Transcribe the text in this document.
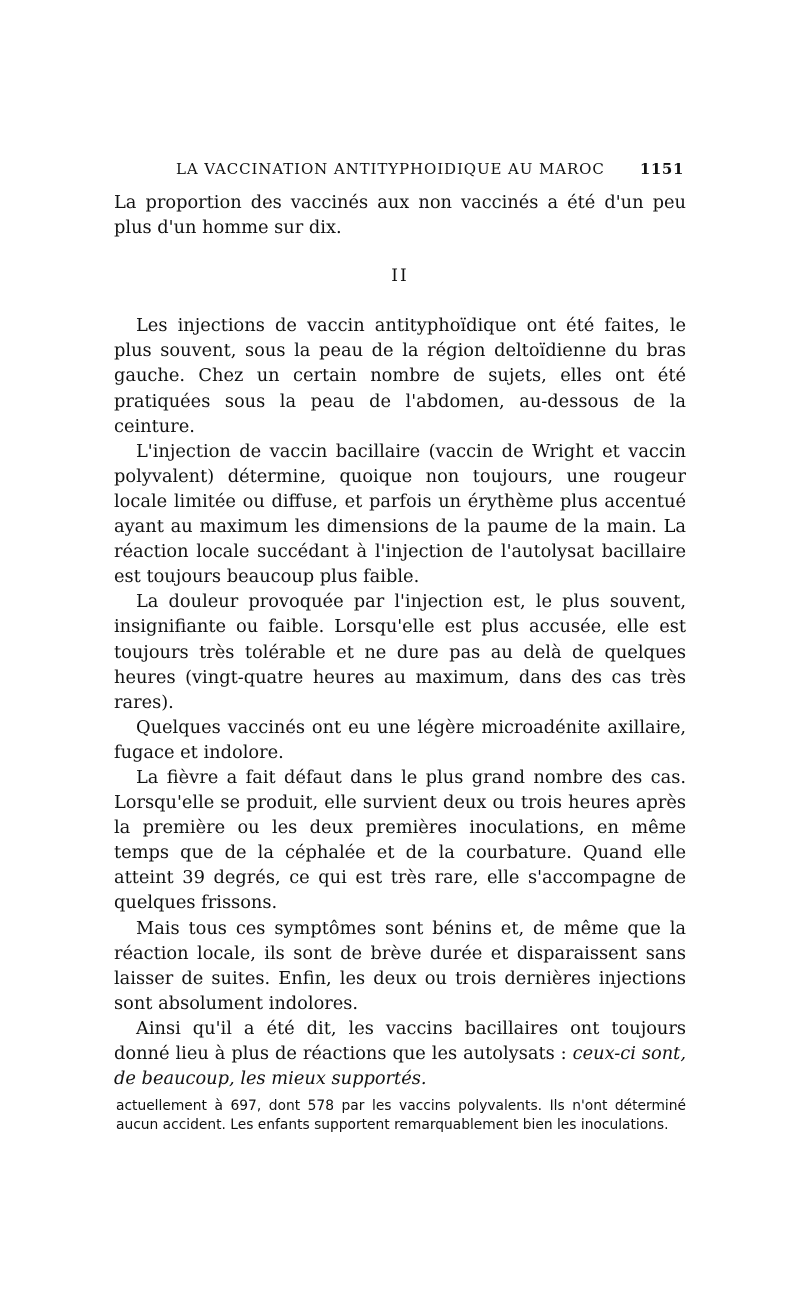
LA VACCINATION ANTITYPHOIDIQUE AU MAROC 1151

La proportion des vaccinés aux non vaccinés a été d'un peu plus d'un homme sur dix.

II

Les injections de vaccin antityphoïdique ont été faites, le plus souvent, sous la peau de la région deltoïdienne du bras gauche. Chez un certain nombre de sujets, elles ont été pratiquées sous la peau de l'abdomen, au-dessous de la ceinture.

L'injection de vaccin bacillaire (vaccin de Wright et vaccin polyvalent) détermine, quoique non toujours, une rougeur locale limitée ou diffuse, et parfois un érythème plus accentué ayant au maximum les dimensions de la paume de la main. La réaction locale succédant à l'injection de l'autolysat bacillaire est toujours beaucoup plus faible.

La douleur provoquée par l'injection est, le plus souvent, insignifiante ou faible. Lorsqu'elle est plus accusée, elle est toujours très tolérable et ne dure pas au delà de quelques heures (vingt-quatre heures au maximum, dans des cas très rares).

Quelques vaccinés ont eu une légère microadénite axillaire, fugace et indolore.

La fièvre a fait défaut dans le plus grand nombre des cas. Lorsqu'elle se produit, elle survient deux ou trois heures après la première ou les deux premières inoculations, en même temps que de la céphalée et de la courbature. Quand elle atteint 39 degrés, ce qui est très rare, elle s'accompagne de quelques frissons.

Mais tous ces symptômes sont bénins et, de même que la réaction locale, ils sont de brève durée et disparaissent sans laisser de suites. Enfin, les deux ou trois dernières injections sont absolument indolores.

Ainsi qu'il a été dit, les vaccins bacillaires ont toujours donné lieu à plus de réactions que les autolysats : ceux-ci sont, de beaucoup, les mieux supportés.

actuellement à 697, dont 578 par les vaccins polyvalents. Ils n'ont déterminé aucun accident. Les enfants supportent remarquablement bien les inoculations.
